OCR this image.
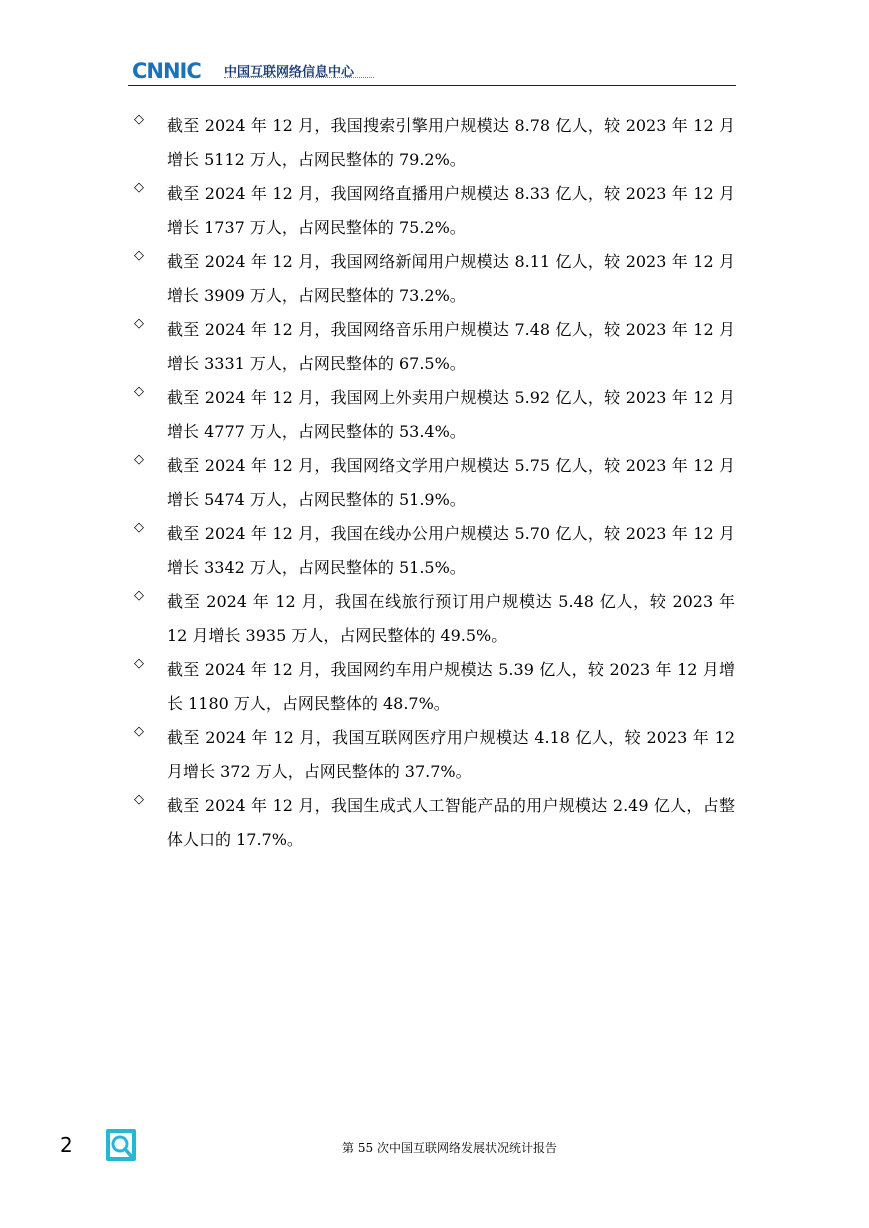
CNNIC 中国互联网络信息中心
◇ 截至 2024 年 12 月，我国搜索引擎用户规模达 8.78 亿人，较 2023 年 12 月增长 5112 万人，占网民整体的 79.2%。
◇ 截至 2024 年 12 月，我国网络直播用户规模达 8.33 亿人，较 2023 年 12 月增长 1737 万人，占网民整体的 75.2%。
◇ 截至 2024 年 12 月，我国网络新闻用户规模达 8.11 亿人，较 2023 年 12 月增长 3909 万人，占网民整体的 73.2%。
◇ 截至 2024 年 12 月，我国网络音乐用户规模达 7.48 亿人，较 2023 年 12 月增长 3331 万人，占网民整体的 67.5%。
◇ 截至 2024 年 12 月，我国网上外卖用户规模达 5.92 亿人，较 2023 年 12 月增长 4777 万人，占网民整体的 53.4%。
◇ 截至 2024 年 12 月，我国网络文学用户规模达 5.75 亿人，较 2023 年 12 月增长 5474 万人，占网民整体的 51.9%。
◇ 截至 2024 年 12 月，我国在线办公用户规模达 5.70 亿人，较 2023 年 12 月增长 3342 万人，占网民整体的 51.5%。
◇ 截至 2024 年 12 月，我国在线旅行预订用户规模达 5.48 亿人，较 2023 年 12 月增长 3935 万人，占网民整体的 49.5%。
◇ 截至 2024 年 12 月，我国网约车用户规模达 5.39 亿人，较 2023 年 12 月增长 1180 万人，占网民整体的 48.7%。
◇ 截至 2024 年 12 月，我国互联网医疗用户规模达 4.18 亿人，较 2023 年 12 月增长 372 万人，占网民整体的 37.7%。
◇ 截至 2024 年 12 月，我国生成式人工智能产品的用户规模达 2.49 亿人，占整体人口的 17.7%。
2	第 55 次中国互联网络发展状况统计报告
